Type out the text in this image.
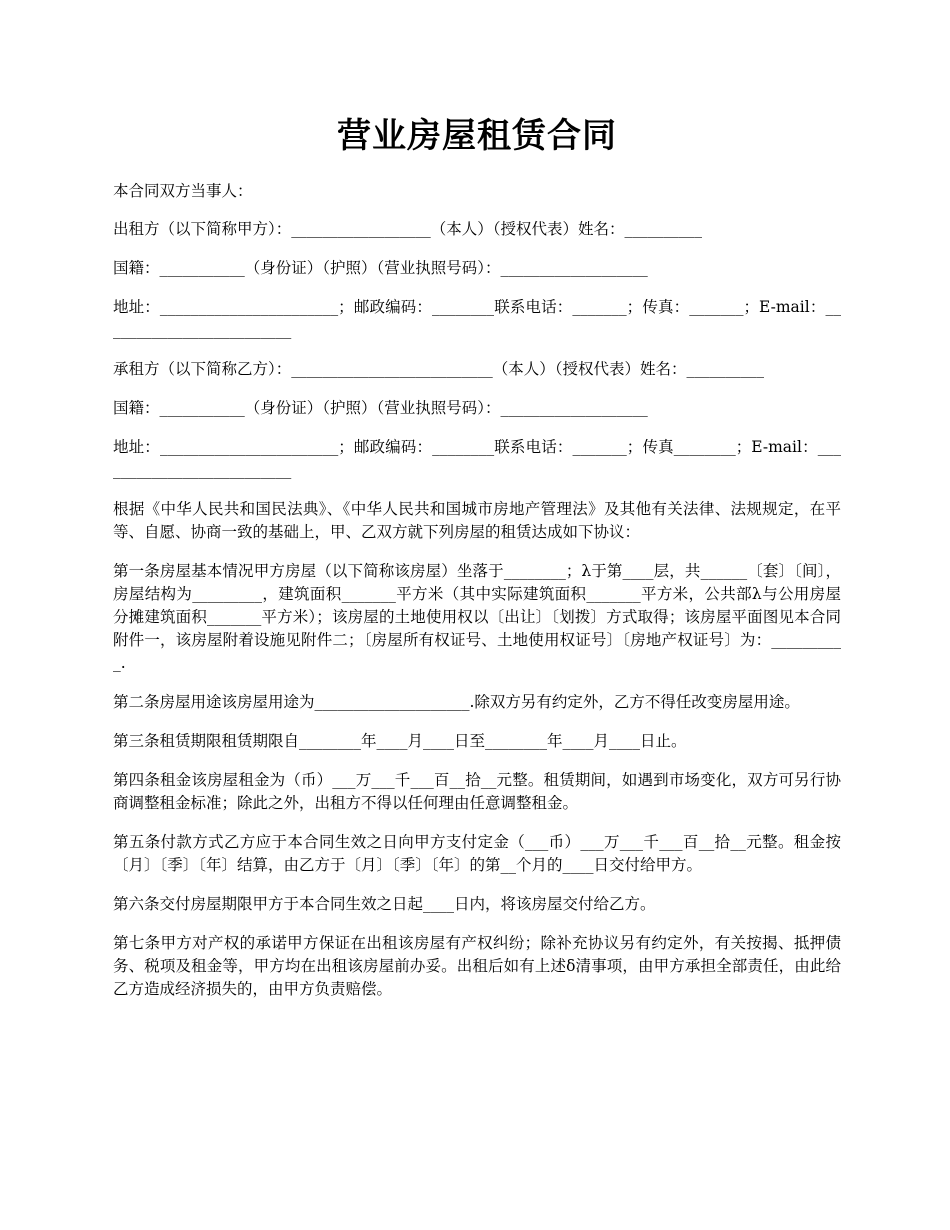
营业房屋租赁合同

本合同双方当事人：

出租方（以下简称甲方）：__________________（本人）（授权代表）姓名：__________

国籍：___________（身份证）（护照）（营业执照号码）：___________________

地址：_______________________；邮政编码：________联系电话：_______；传真：_______；E-mail：_________________________

承租方（以下简称乙方）：__________________________（本人）（授权代表）姓名：__________

国籍：___________（身份证）（护照）（营业执照号码）：___________________

地址：_______________________；邮政编码：________联系电话：_______；传真________；E-mail：__________________________

根据《中华人民共和国民法典》、《中华人民共和国城市房地产管理法》及其他有关法律、法规规定，在平等、自愿、协商一致的基础上，甲、乙双方就下列房屋的租赁达成如下协议：

第一条房屋基本情况甲方房屋（以下简称该房屋）坐落于________；λ于第____层，共______〔套〕〔间〕，房屋结构为_________，建筑面积_______平方米（其中实际建筑面积_______平方米，公共部λ与公用房屋分摊建筑面积_______平方米）；该房屋的土地使用权以〔出让〕〔划拨〕方式取得；该房屋平面图见本合同附件一，该房屋附着设施见附件二；〔房屋所有权证号、土地使用权证号〕〔房地产权证号〕为：__________.

第二条房屋用途该房屋用途为____________________.除双方另有约定外，乙方不得任改变房屋用途。

第三条租赁期限租赁期限自________年____月____日至________年____月____日止。

第四条租金该房屋租金为（币）___万___千___百__拾__元整。租赁期间，如遇到市场变化，双方可另行协商调整租金标准；除此之外，出租方不得以任何理由任意调整租金。

第五条付款方式乙方应于本合同生效之日向甲方支付定金（___币）___万___千___百__拾__元整。租金按〔月〕〔季〕〔年〕结算，由乙方于〔月〕〔季〕〔年〕的第__个月的____日交付给甲方。

第六条交付房屋期限甲方于本合同生效之日起____日内，将该房屋交付给乙方。

第七条甲方对产权的承诺甲方保证在出租该房屋有产权纠纷；除补充协议另有约定外，有关按揭、抵押债务、税项及租金等，甲方均在出租该房屋前办妥。出租后如有上述δ清事项，由甲方承担全部责任，由此给乙方造成经济损失的，由甲方负责赔偿。
